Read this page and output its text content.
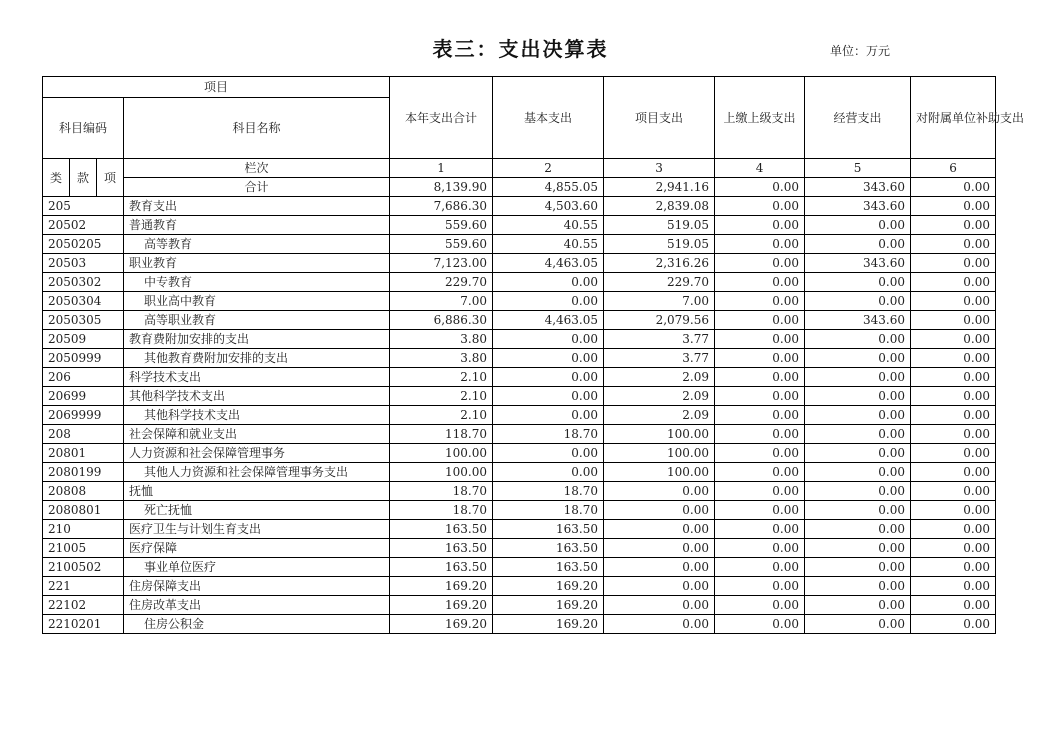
表三：支出决算表	单位：万元
项目				本年支出合计	基本支出	项目支出	上缴上级支出	经营支出	对附属单位补助支出
科目编码			科目名称						
类	款	项	栏次	1	2	3	4	5	6
			合计	8,139.90	4,855.05	2,941.16	0.00	343.60	0.00
205			教育支出	7,686.30	4,503.60	2,839.08	0.00	343.60	0.00
20502			普通教育	559.60	40.55	519.05	0.00	0.00	0.00
2050205			高等教育	559.60	40.55	519.05	0.00	0.00	0.00
20503			职业教育	7,123.00	4,463.05	2,316.26	0.00	343.60	0.00
2050302			中专教育	229.70	0.00	229.70	0.00	0.00	0.00
2050304			职业高中教育	7.00	0.00	7.00	0.00	0.00	0.00
2050305			高等职业教育	6,886.30	4,463.05	2,079.56	0.00	343.60	0.00
20509			教育费附加安排的支出	3.80	0.00	3.77	0.00	0.00	0.00
2050999			其他教育费附加安排的支出	3.80	0.00	3.77	0.00	0.00	0.00
206			科学技术支出	2.10	0.00	2.09	0.00	0.00	0.00
20699			其他科学技术支出	2.10	0.00	2.09	0.00	0.00	0.00
2069999			其他科学技术支出	2.10	0.00	2.09	0.00	0.00	0.00
208			社会保障和就业支出	118.70	18.70	100.00	0.00	0.00	0.00
20801			人力资源和社会保障管理事务	100.00	0.00	100.00	0.00	0.00	0.00
2080199			其他人力资源和社会保障管理事务支出	100.00	0.00	100.00	0.00	0.00	0.00
20808			抚恤	18.70	18.70	0.00	0.00	0.00	0.00
2080801			死亡抚恤	18.70	18.70	0.00	0.00	0.00	0.00
210			医疗卫生与计划生育支出	163.50	163.50	0.00	0.00	0.00	0.00
21005			医疗保障	163.50	163.50	0.00	0.00	0.00	0.00
2100502			事业单位医疗	163.50	163.50	0.00	0.00	0.00	0.00
221			住房保障支出	169.20	169.20	0.00	0.00	0.00	0.00
22102			住房改革支出	169.20	169.20	0.00	0.00	0.00	0.00
2210201			住房公积金	169.20	169.20	0.00	0.00	0.00	0.00
